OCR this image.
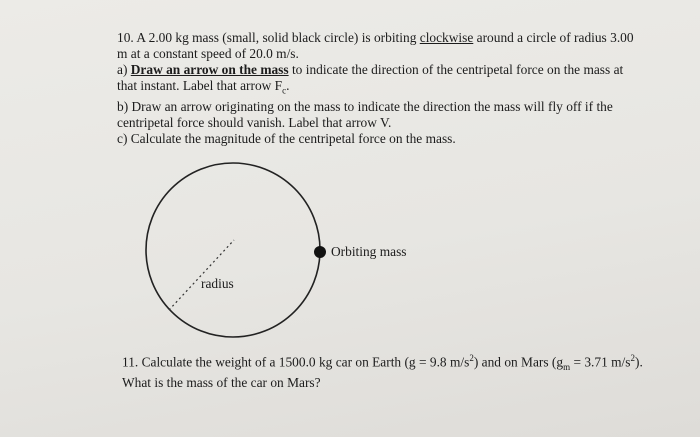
10. A 2.00 kg mass (small, solid black circle) is orbiting clockwise around a circle of radius 3.00
m at a constant speed of 20.0 m/s.
a) Draw an arrow on the mass to indicate the direction of the centripetal force on the mass at
that instant. Label that arrow $F_c$.
b) Draw an arrow originating on the mass to indicate the direction the mass will fly off if the
centripetal force should vanish. Label that arrow V.
c) Calculate the magnitude of the centripetal force on the mass.
Orbiting mass
radius
11. Calculate the weight of a 1500.0 kg car on Earth (g = 9.8 $m/s^2$) and on Mars ($g_m = 3.71$ $m/s^2$).
What is the mass of the car on Mars?
